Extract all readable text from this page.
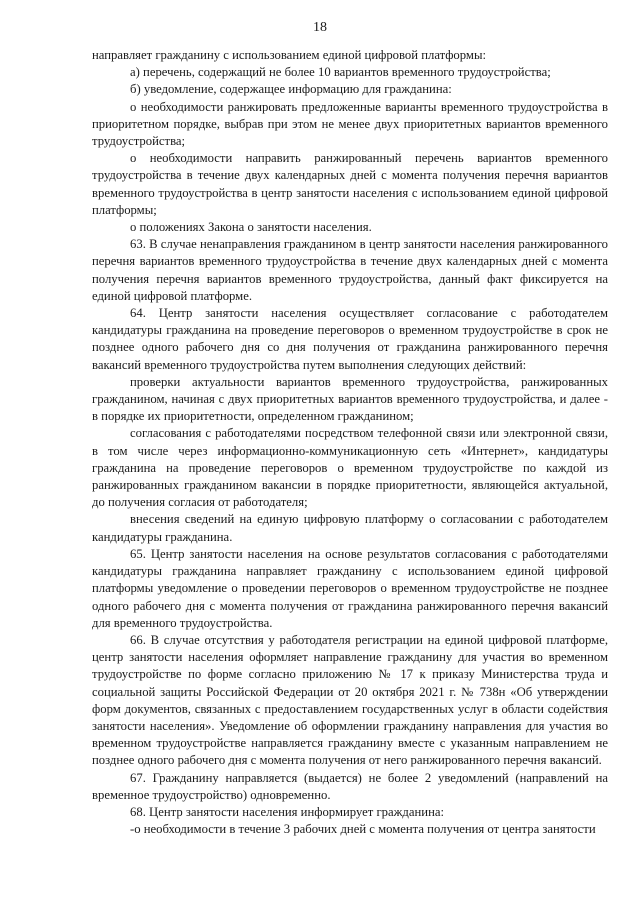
18

направляет гражданину с использованием единой цифровой платформы:

а) перечень, содержащий не более 10 вариантов временного трудоустройства;

б) уведомление, содержащее информацию для гражданина:

о необходимости ранжировать предложенные варианты временного трудоустройства в приоритетном порядке, выбрав при этом не менее двух приоритетных вариантов временного трудоустройства;

о необходимости направить ранжированный перечень вариантов временного трудоустройства в течение двух календарных дней с момента получения перечня вариантов временного трудоустройства в центр занятости населения с использованием единой цифровой платформы;

о положениях Закона о занятости населения.

63. В случае ненаправления гражданином в центр занятости населения ранжированного перечня вариантов временного трудоустройства в течение двух календарных дней с момента получения перечня вариантов временного трудоустройства, данный факт фиксируется на единой цифровой платформе.

64. Центр занятости населения осуществляет согласование с работодателем кандидатуры гражданина на проведение переговоров о временном трудоустройстве в срок не позднее одного рабочего дня со дня получения от гражданина ранжированного перечня вакансий временного трудоустройства путем выполнения следующих действий:

проверки актуальности вариантов временного трудоустройства, ранжированных гражданином, начиная с двух приоритетных вариантов временного трудоустройства, и далее - в порядке их приоритетности, определенном гражданином;

согласования с работодателями посредством телефонной связи или электронной связи, в том числе через информационно-коммуникационную сеть «Интернет», кандидатуры гражданина на проведение переговоров о временном трудоустройстве по каждой из ранжированных гражданином вакансии в порядке приоритетности, являющейся актуальной, до получения согласия от работодателя;

внесения сведений на единую цифровую платформу о согласовании с работодателем кандидатуры гражданина.

65. Центр занятости населения на основе результатов согласования с работодателями кандидатуры гражданина направляет гражданину с использованием единой цифровой платформы уведомление о проведении переговоров о временном трудоустройстве не позднее одного рабочего дня с момента получения от гражданина ранжированного перечня вакансий для временного трудоустройства.

66. В случае отсутствия у работодателя регистрации на единой цифровой платформе, центр занятости населения оформляет направление гражданину для участия во временном трудоустройстве по форме согласно приложению № 17 к приказу Министерства труда и социальной защиты Российской Федерации от 20 октября 2021 г. № 738н «Об утверждении форм документов, связанных с предоставлением государственных услуг в области содействия занятости населения». Уведомление об оформлении гражданину направления для участия во временном трудоустройстве направляется гражданину вместе с указанным направлением не позднее одного рабочего дня с момента получения от него ранжированного перечня вакансий.

67. Гражданину направляется (выдается) не более 2 уведомлений (направлений на временное трудоустройство) одновременно.

68. Центр занятости населения информирует гражданина:

-о необходимости в течение 3 рабочих дней с момента получения от центра занятости
